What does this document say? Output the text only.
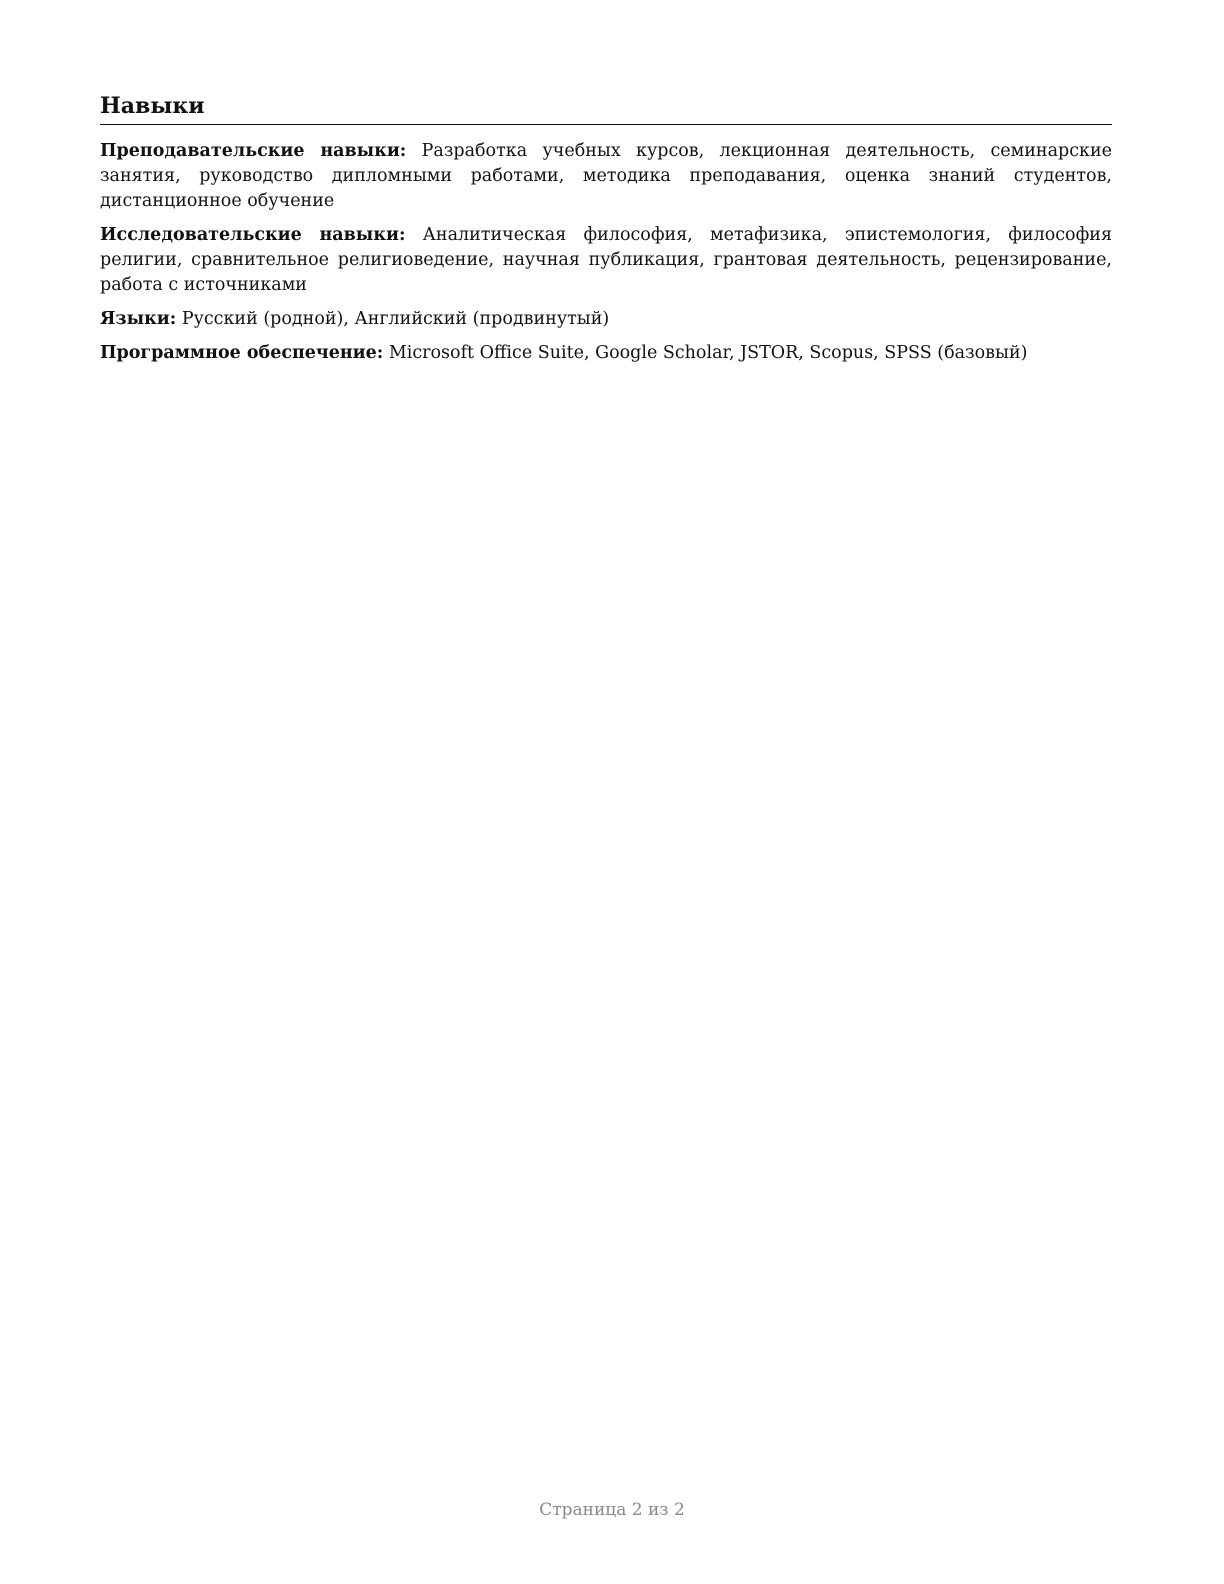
Навыки

Преподавательские навыки: Разработка учебных курсов, лекционная деятельность, семинарские занятия, руководство дипломными работами, методика преподавания, оценка знаний студентов, дистанционное обучение

Исследовательские навыки: Аналитическая философия, метафизика, эпистемология, философия религии, сравнительное религиоведение, научная публикация, грантовая деятельность, рецензирование, работа с источниками

Языки: Русский (родной), Английский (продвинутый)

Программное обеспечение: Microsoft Office Suite, Google Scholar, JSTOR, Scopus, SPSS (базовый)

Страница 2 из 2
